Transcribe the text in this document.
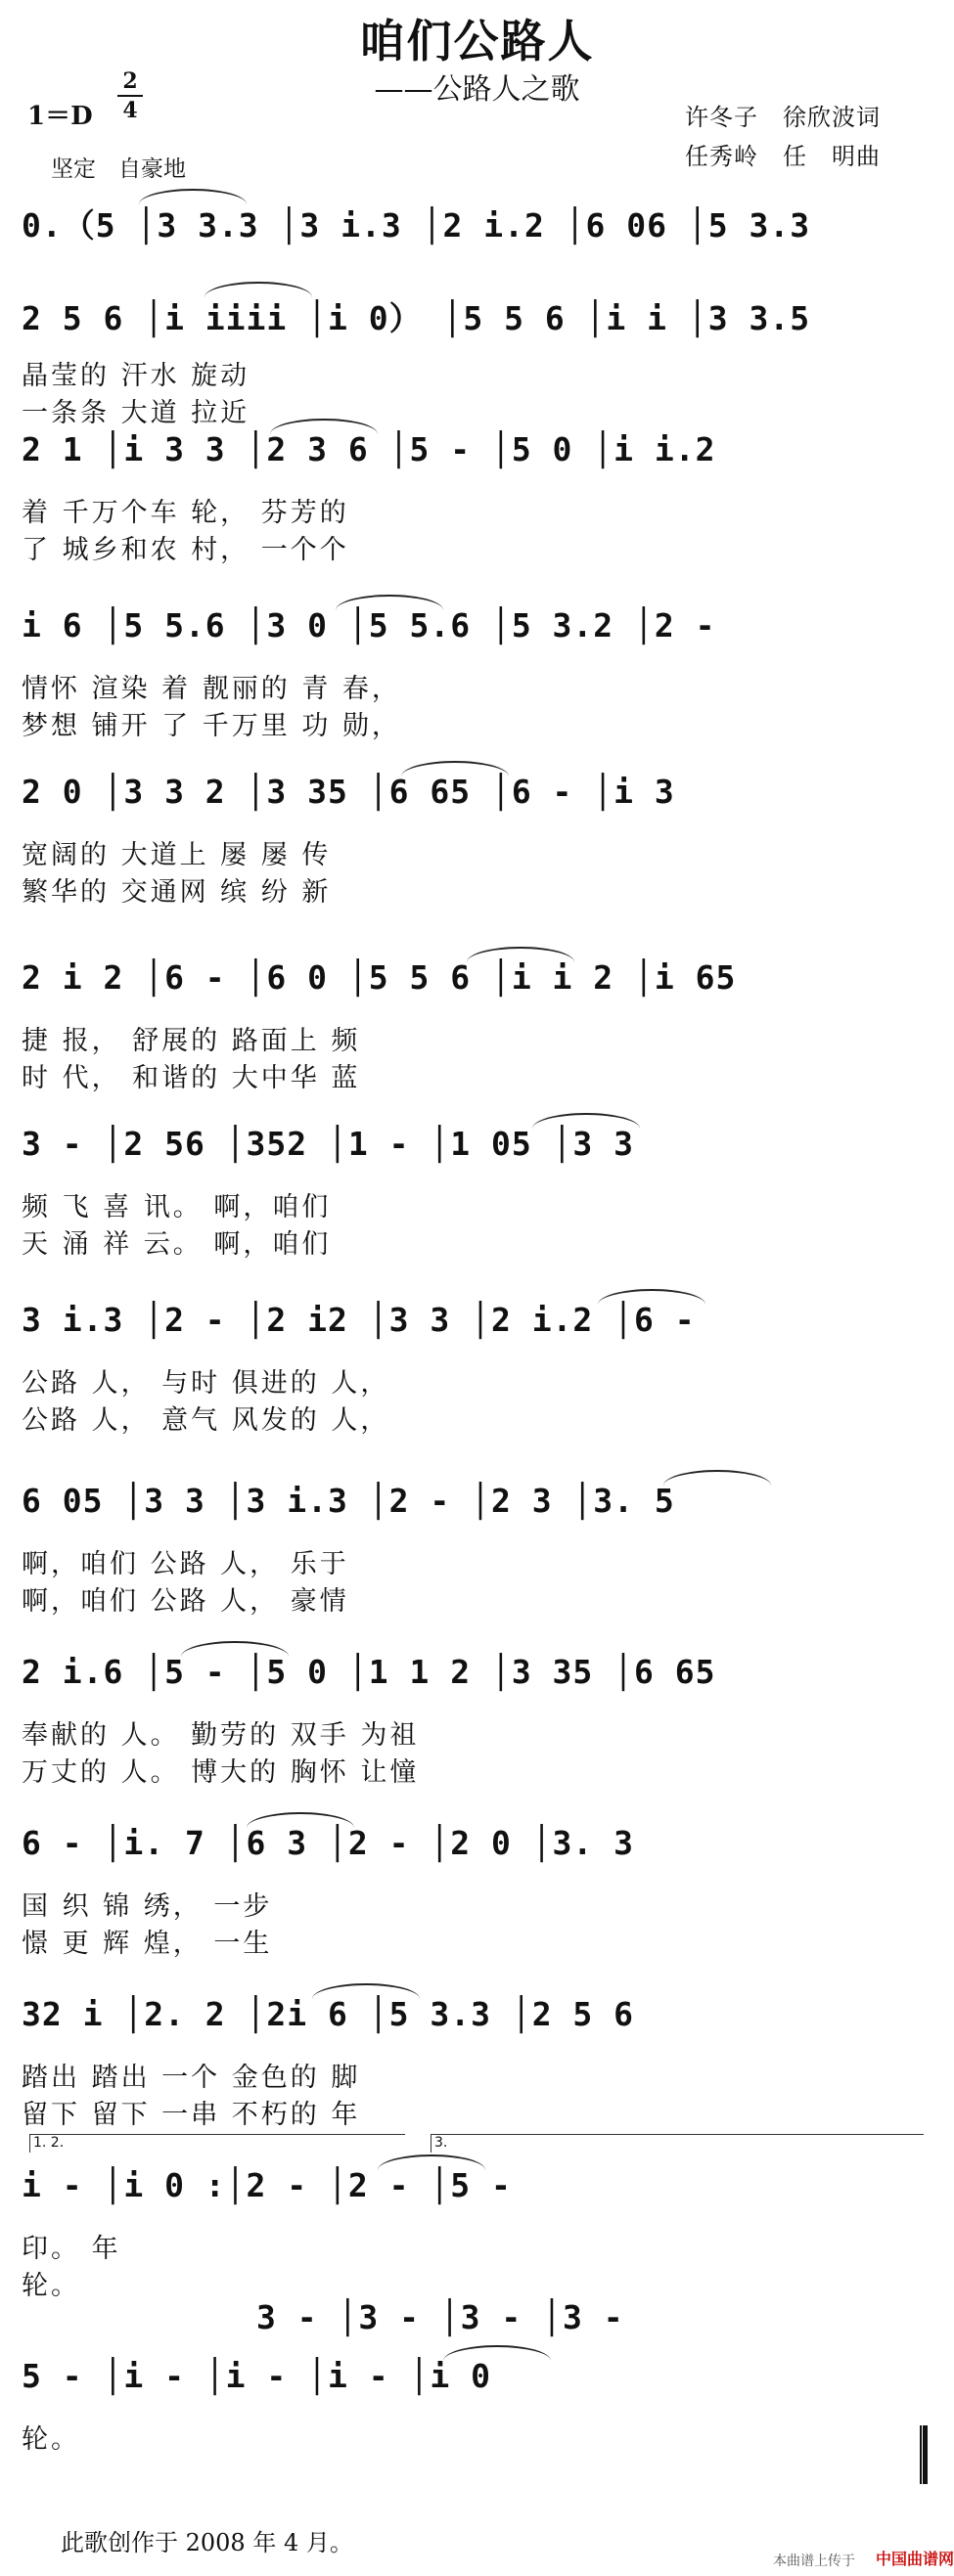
咱们公路人
——公路人之歌
1＝D
2
4
坚定　自豪地
许冬子　徐欣波词
任秀岭　任　明曲
0.（5 │3 3.3 │3 i.3 │2 i.2 │6 06 │5 3.3
2 5 6 │i iiii │i 0） │5 5 6 │i i │3 3.5
晶莹的 汗水 旋动
一条条 大道 拉近
2 1 │i 3 3 │2 3 6 │5 - │5 0 │i i.2
着 千万个车 轮， 芬芳的
了 城乡和农 村， 一个个
i 6 │5 5.6 │3 0 │5 5.6 │5 3.2 │2 -
情怀 渲染 着 靓丽的 青 春，
梦想 铺开 了 千万里 功 勋，
2 0 │3 3 2 │3 35 │6 65 │6 - │i 3
宽阔的 大道上 屡 屡 传
繁华的 交通网 缤 纷 新
2 i 2 │6 - │6 0 │5 5 6 │i i 2 │i 65
捷 报， 舒展的 路面上 频
时 代， 和谐的 大中华 蓝
3 - │2 56 │352 │1 - │1 05 │3 3
频 飞 喜 讯。 啊，咱们
天 涌 祥 云。 啊，咱们
3 i.3 │2 - │2 i2 │3 3 │2 i.2 │6 -
公路 人， 与时 俱进的 人，
公路 人， 意气 风发的 人，
6 05 │3 3 │3 i.3 │2 - │2 3 │3. 5
啊，咱们 公路 人， 乐于
啊，咱们 公路 人， 豪情
2 i.6 │5 - │5 0 │1 1 2 │3 35 │6 65
奉献的 人。 勤劳的 双手 为祖
万丈的 人。 博大的 胸怀 让憧
6 - │i. 7 │6 3 │2 - │2 0 │3. 3
国 织 锦 绣， 一步
憬 更 辉 煌， 一生
32 i │2. 2 │2i 6 │5 3.3 │2 5 6
踏出 踏出 一个 金色的 脚
留下 留下 一串 不朽的 年
i - │i 0 :│2 - │2 - │5 -
印。 年
轮。
3 - │3 - │3 - │3 -
5 - │i - │i - │i - │i 0
轮。
此歌创作于 2008 年 4 月。
本曲谱上传于 中国曲谱网
1. 2.	3.
